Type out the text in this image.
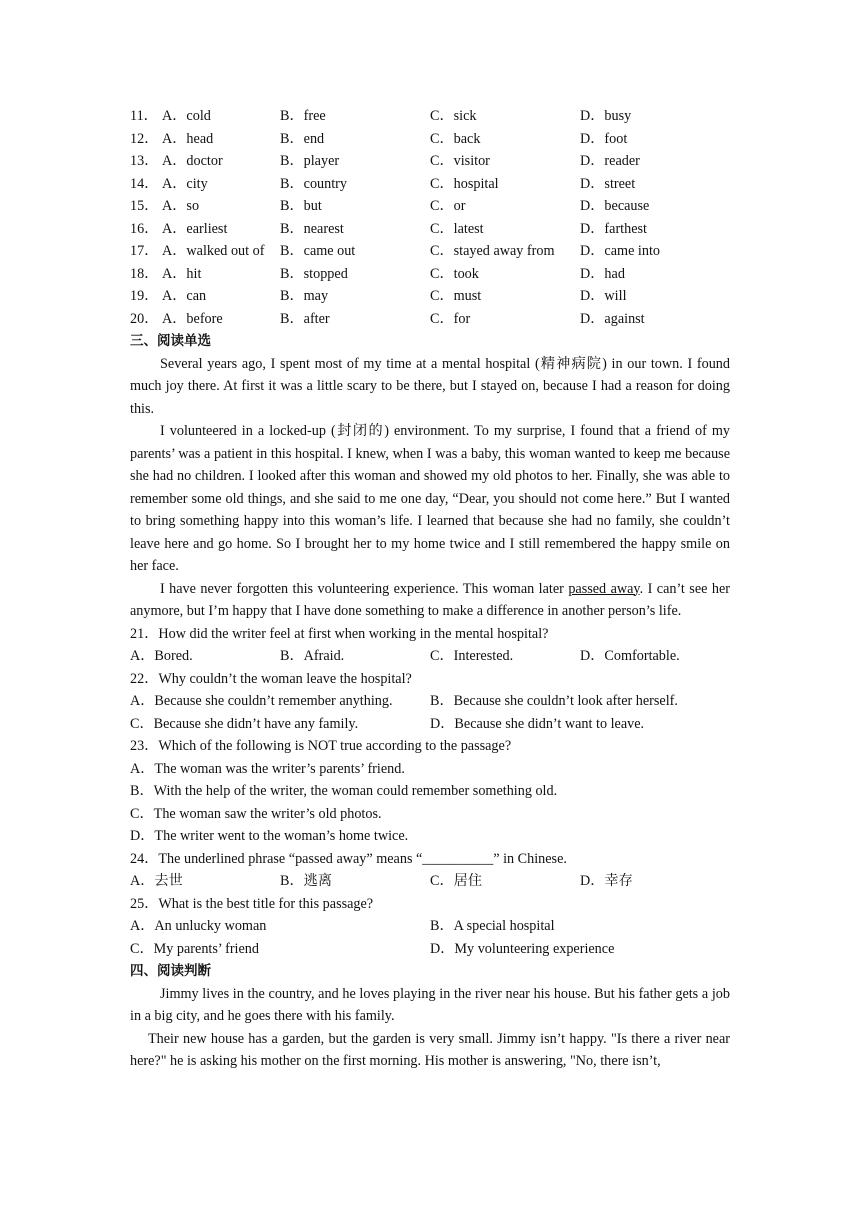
11． A．cold	B．free	C．sick	D．busy
12． A．head	B．end	C．back	D．foot
13． A．doctor	B．player	C．visitor	D．reader
14． A．city	B．country	C．hospital	D．street
15． A．so	B．but	C．or	D．because
16． A．earliest	B．nearest	C．latest	D．farthest
17． A．walked out of	B．came out	C．stayed away from	D．came into
18． A．hit	B．stopped	C．took	D．had
19． A．can	B．may	C．must	D．will
20． A．before	B．after	C．for	D．against
三、阅读单选
Several years ago, I spent most of my time at a mental hospital (精神病院) in our town. I found much joy there. At first it was a little scary to be there, but I stayed on, because I had a reason for doing this.
I volunteered in a locked-up (封闭的) environment. To my surprise, I found that a friend of my parents’ was a patient in this hospital. I knew, when I was a baby, this woman wanted to keep me because she had no children. I looked after this woman and showed my old photos to her. Finally, she was able to remember some old things, and she said to me one day, “Dear, you should not come here.” But I wanted to bring something happy into this woman’s life. I learned that because she had no family, she couldn’t leave here and go home. So I brought her to my home twice and I still remembered the happy smile on her face.
I have never forgotten this volunteering experience. This woman later passed away. I can’t see her anymore, but I’m happy that I have done something to make a difference in another person’s life.
21．How did the writer feel at first when working in the mental hospital?
A．Bored.	B．Afraid.	C．Interested.	D．Comfortable.
22．Why couldn’t the woman leave the hospital?
A．Because she couldn’t remember anything.	B．Because she couldn’t look after herself.
C．Because she didn’t have any family.	D．Because she didn’t want to leave.
23．Which of the following is NOT true according to the passage?
A．The woman was the writer’s parents’ friend.
B．With the help of the writer, the woman could remember something old.
C．The woman saw the writer’s old photos.
D．The writer went to the woman’s home twice.
24．The underlined phrase “passed away” means “__________” in Chinese.
A．去世	B．逃离	C．居住	D．幸存
25．What is the best title for this passage?
A．An unlucky woman	B．A special hospital
C．My parents’ friend	D．My volunteering experience
四、阅读判断
Jimmy lives in the country, and he loves playing in the river near his house. But his father gets a job in a big city, and he goes there with his family.
Their new house has a garden, but the garden is very small. Jimmy isn’t happy. "Is there a river near here?" he is asking his mother on the first morning. His mother is answering, "No, there isn’t,
